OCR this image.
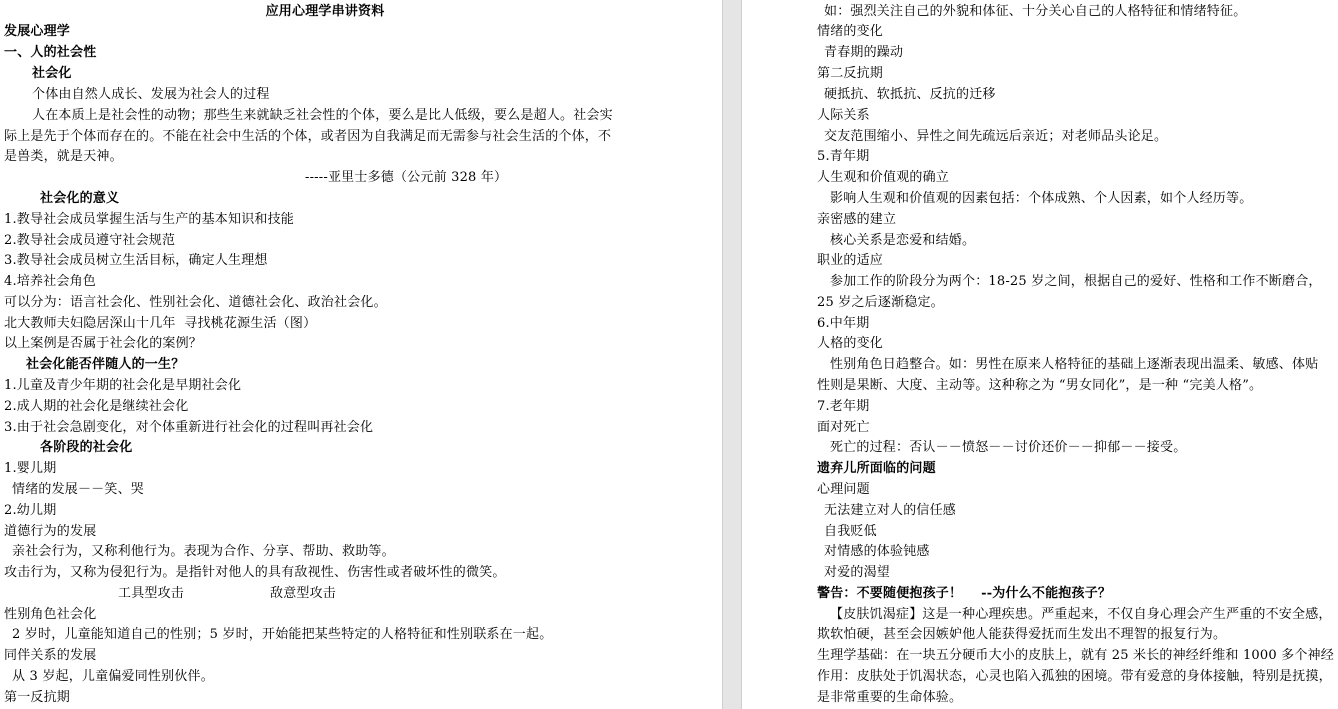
应用心理学串讲资料
发展心理学
一、人的社会性
社会化
个体由自然人成长、发展为社会人的过程
人在本质上是社会性的动物；那些生来就缺乏社会性的个体，要么是比人低级，要么是超人。社会实
际上是先于个体而存在的。不能在社会中生活的个体，或者因为自我满足而无需参与社会生活的个体，不
是兽类，就是天神。
-----亚里士多德（公元前 328 年）
社会化的意义
1.教导社会成员掌握生活与生产的基本知识和技能
2.教导社会成员遵守社会规范
3.教导社会成员树立生活目标，确定人生理想
4.培养社会角色
可以分为：语言社会化、性别社会化、道德社会化、政治社会化。
北大教师夫妇隐居深山十几年  寻找桃花源生活（图）
以上案例是否属于社会化的案例？
社会化能否伴随人的一生？
1.儿童及青少年期的社会化是早期社会化
2.成人期的社会化是继续社会化
3.由于社会急剧变化，对个体重新进行社会化的过程叫再社会化
各阶段的社会化
1.婴儿期
情绪的发展－－笑、哭
2.幼儿期
道德行为的发展
亲社会行为，又称利他行为。表现为合作、分享、帮助、救助等。
攻击行为，又称为侵犯行为。是指针对他人的具有敌视性、伤害性或者破坏性的微笑。
工具型攻击	敌意型攻击
性别角色社会化
2 岁时，儿童能知道自己的性别；5 岁时，开始能把某些特定的人格特征和性别联系在一起。
同伴关系的发展
从 3 岁起，儿童偏爱同性别伙伴。
第一反抗期
如：强烈关注自己的外貌和体征、十分关心自己的人格特征和情绪特征。
情绪的变化
青春期的躁动
第二反抗期
硬抵抗、软抵抗、反抗的迁移
人际关系
交友范围缩小、异性之间先疏远后亲近；对老师品头论足。
5.青年期
人生观和价值观的确立
影响人生观和价值观的因素包括：个体成熟、个人因素，如个人经历等。
亲密感的建立
核心关系是恋爱和结婚。
职业的适应
参加工作的阶段分为两个：18-25 岁之间，根据自己的爱好、性格和工作不断磨合，
25 岁之后逐渐稳定。
6.中年期
人格的变化
性别角色日趋整合。如：男性在原来人格特征的基础上逐渐表现出温柔、敏感、体贴
性则是果断、大度、主动等。这种称之为 “男女同化”，是一种 “完美人格”。
7.老年期
面对死亡
死亡的过程：否认－－愤怒－－讨价还价－－抑郁－－接受。
遗弃儿所面临的问题
心理问题
无法建立对人的信任感
自我贬低
对情感的体验钝感
对爱的渴望
警告：不要随便抱孩子！    --为什么不能抱孩子？
【皮肤饥渴症】这是一种心理疾患。严重起来，不仅自身心理会产生严重的不安全感，
欺软怕硬，甚至会因嫉妒他人能获得爱抚而生发出不理智的报复行为。
生理学基础：在一块五分硬币大小的皮肤上，就有 25 米长的神经纤维和 1000 多个神经
作用：皮肤处于饥渴状态，心灵也陷入孤独的困境。带有爱意的身体接触，特别是抚摸，
是非常重要的生命体验。
